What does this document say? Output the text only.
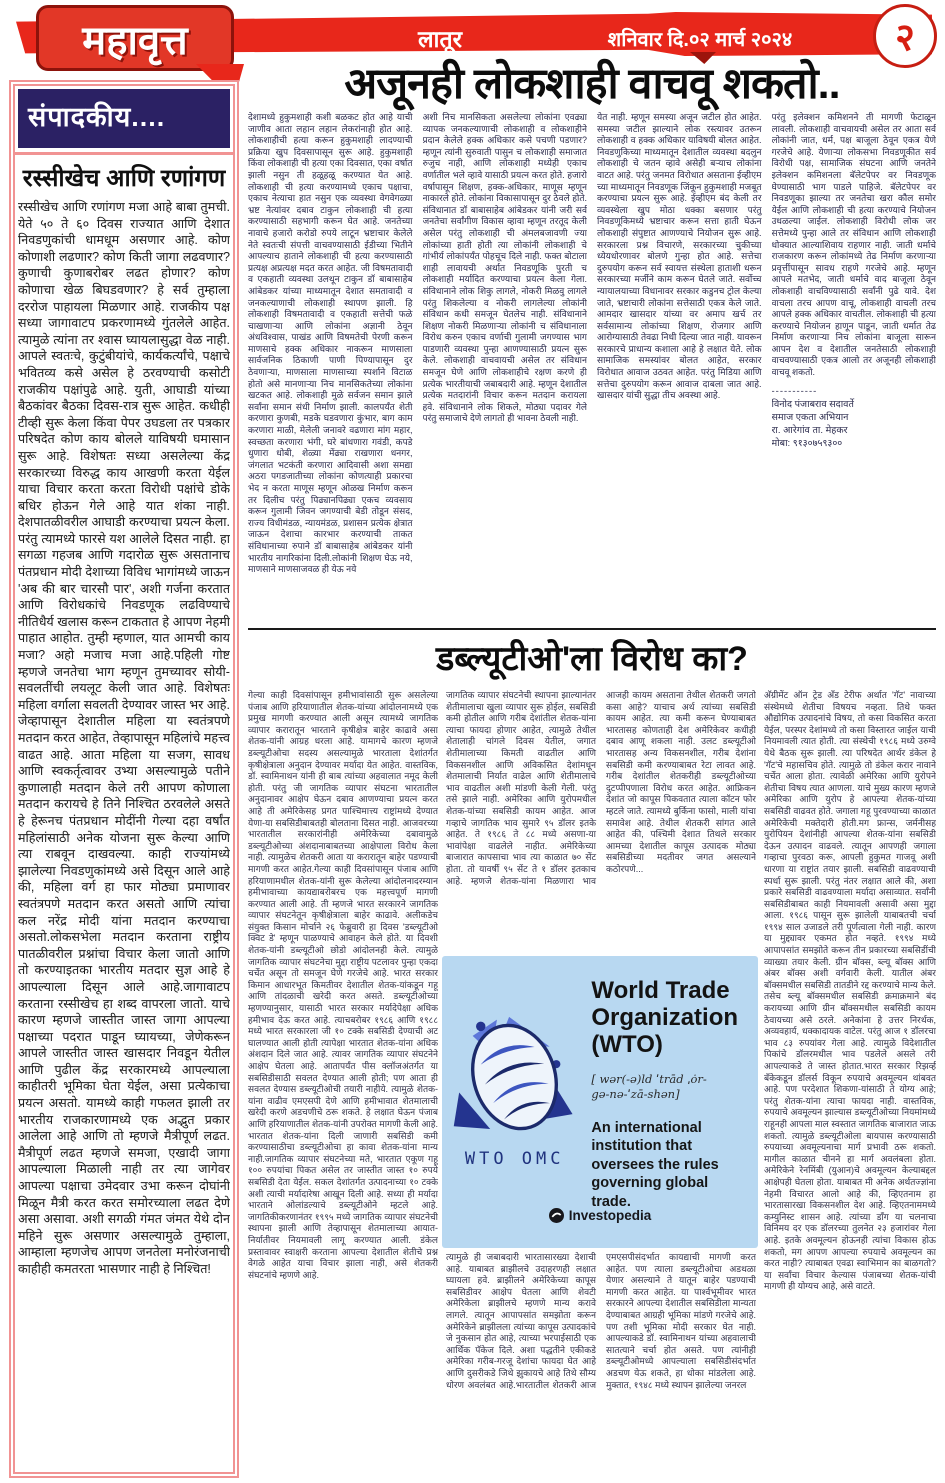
महावृत्त	लातूर	शनिवार दि.०२ मार्च २०२४	२
संपादकीय....
रस्सीखेच आणि रणांगण
रस्सीखेच आणि रणांगण मजा आहे बाबा तुमची. येते ५० ते ६० दिवस राज्यात आणि देशात निवडणुकांची धामधूम असणार आहे. कोण कोणाशी लढणार? कोण किती जागा लढवणार? कुणाची कुणाबरोबर लढत होणार? कोण कोणाचा खेळ बिघडवणार? हे सर्व तुम्हाला दररोज पाहायला मिळणार आहे. राजकीय पक्ष सध्या जागावाटप प्रकरणामध्ये गुंतलेले आहेत. त्यामुळे त्यांना तर श्वास घ्यायलासुद्धा वेळ नाही. आपले स्वतःचे, कुटुंबीयांचे, कार्यकर्त्यांचे, पक्षाचे भवितव्य कसे असेल हे ठरवण्याची कसोटी राजकीय पक्षांपुढे आहे. युती, आघाडी यांच्या बैठकांवर बैठका दिवस-रात्र सुरू आहेत. कधीही टीव्ही सुरू केला किंवा पेपर उघडला तर पत्रकार परिषदेत कोण काय बोलले याविषयी घमासान सुरू आहे. विशेषतः सध्या असलेल्या केंद्र सरकारच्या विरुद्ध काय आखणी करता येईल याचा विचार करता करता विरोधी पक्षांचे डोके बधिर होऊन गेले आहे यात शंका नाही. देशपातळीवरील आघाडी करण्याचा प्रयत्न केला. परंतु त्यामध्ये फारसे यश आलेले दिसत नाही. हा सगळा गहजब आणि गदारोळ सुरू असतानाच पंतप्रधान मोदी देशाच्या विविध भागांमध्ये जाऊन 'अब की बार चारसौ पार', अशी गर्जना करतात आणि विरोधकांचे निवडणूक लढविण्याचे नीतिधैर्य खलास करून टाकतात हे आपण नेहमी पाहात आहोत. तुम्ही म्हणाल, यात आमची काय मजा? अहो मजाच मजा आहे.पहिली गोष्ट म्हणजे जनतेचा भाग म्हणून तुमच्यावर सोयी-सवलतींची लयलूट केली जात आहे. विशेषतः महिला वर्गाला सवलती देण्यावर जास्त भर आहे. जेव्हापासून देशातील महिला या स्वतंत्रपणे मतदान करत आहेत, तेव्हापासून महिलांचे महत्त्व वाढत आहे. आता महिला या सजग, सावध आणि स्वकर्तृत्वावर उभ्या असल्यामुळे पतीने कुणालाही मतदान केले तरी आपण कोणाला मतदान करायचे हे तिने निश्चित ठरवलेले असते हे हेरूनच पंतप्रधान मोदींनी गेल्या दहा वर्षांत महिलांसाठी अनेक योजना सुरू केल्या आणि त्या राबवून दाखवल्या. काही राज्यांमध्ये झालेल्या निवडणुकांमध्ये असे दिसून आले आहे की, महिला वर्ग हा फार मोठ्या प्रमाणावर स्वतंत्रपणे मतदान करत असतो आणि त्यांचा कल नरेंद्र मोदी यांना मतदान करण्याचा असतो.लोकसभेला मतदान करताना राष्ट्रीय पातळीवरील प्रश्नांचा विचार केला जातो आणि तो करण्याइतका भारतीय मतदार सुज्ञ आहे हे आपल्याला दिसून आले आहे.जागावाटप करताना रस्सीखेच हा शब्द वापरला जातो. याचे कारण म्हणजे जास्तीत जास्त जागा आपल्या पक्षाच्या पदरात पाडून घ्यायच्या, जेणेकरून आपले जास्तीत जास्त खासदार निवडून येतील आणि पुढील केंद्र सरकारमध्ये आपल्याला काहीतरी भूमिका घेता येईल, असा प्रत्येकाचा प्रयत्न असतो. यामध्ये काही गफलत झाली तर भारतीय राजकारणामध्ये एक अद्भुत प्रकार आलेला आहे आणि तो म्हणजे मैत्रीपूर्ण लढत. मैत्रीपूर्ण लढत म्हणजे समजा, एखादी जागा आपल्याला मिळाली नाही तर त्या जागेवर आपल्या पक्षाचा उमेदवार उभा करून दोघांनी मिळून मैत्री करत करत समोरच्याला लढत देणे असा असावा. अशी सगळी गंमत जंमत येथे दोन महिने सुरू असणार असल्यामुळे तुम्हाला, आम्हाला म्हणजेच आपण जनतेला मनोरंजनाची काहीही कमतरता भासणार नाही हे निश्चित!
अजूनही लोकशाही वाचवू शकतो..
देशामध्ये हुकुमशाही कशी बळकट होत आहे याची जाणीव आता लहान लहान लेकरांनाही होत आहे. लोकशाहीची हत्या करून हुकुमशाही लादण्याची प्रक्रिया खुप दिवसापासून सुरू आहे. हुकुमशाही किंवा लोकशाही ची हत्या एका दिवसात, एका वर्षात झाली नसुन ती हळूहळू करण्यात येत आहे. लोकशाही ची हत्या करण्यामध्ये एकाच पक्षाचा, एकाच नेत्याचा हात नसुन एक व्यवस्था वेगवेगळ्या भ्रष्ट नेत्यांवर दबाव टाकुन लोकशाही ची हत्या करण्यासाठी सहभागी करून घेत आहे. जनतेच्या नावाचे हजारो करोडो रुपये लाटून भ्रष्टाचार केलेले नेते स्वतःची संपत्ती वाचवण्यासाठी ईडीच्या भितीने आपल्याच हाताने लोकशाही ची हत्या करण्यासाठी प्रत्यक्ष अप्रत्यक्ष मदत करत आहेत. जी विषमतावादी व एकहाती व्यवस्था उलथून टाकुन डॉ बाबासाहेब आंबेडकर यांच्या माध्यमातून देशात समतावादी व जनकल्याणाची लोकशाही स्थापण झाली. हि लोकशाही विषमतावादी व एकहाती सत्तेची फळे चाखणाऱ्या आणि लोकांना अज्ञानी ठेवून अंधविश्वास, पाखंड आणि विषमतेची पेरणी करून माणसाचे हक्क अधिकार नाकरून माणसाला सार्वजनिक ठिकाणी पाणी पिण्यापासून दुर ठेवणाऱ्या, माणसाला माणसाच्या स्पर्शाने विटाळ होतो असे मानणाऱ्या निच मानसिकतेच्या लोकांना खटकत आहे. लोकशाही मुळे सर्वजन समान झाले सर्वांना समान संधी निर्माण झाली. कालपर्यंत शेती करणारा कुणबी, मडके घडवणारा कुंभार, बाग काम करणारा माळी, मेलेली जनावरे वढणारा मांग महार, स्वच्छता करणारा भंगी, घरे बांधणारा गवंडी, कपडे धुणारा धोबी, शेळ्या मेंढ्या राखणारा धनगर, जंगलात भटकंती करणारा आदिवासी अशा समद्या अठरा पगडजातीच्या लोकांना कोणत्याही प्रकारचा भेद न करता माणूस म्हणून ओळख निर्माण करून तर दिलीच परंतु पिढ्यानपिढ्या एकच व्यवसाय करून गुलामी जिवन जगण्याची बेडी तोडून संसद, राज्य विधीमंडळ, न्यायमंडळ, प्रशासन प्रत्येक क्षेत्रात जाऊन देशाचा कारभार करण्याची ताकत संविधानाच्या रुपाने डॉ बाबासाहेब आंबेडकर यांनी भारतीय नागरिकांना दिली.लोकांनी शिक्षण घेऊ नये, माणसाने माणसाजवळ ही येऊ नये
अशी निच मानसिकता असलेल्या लोकांना एवढ्या व्यापक जनकल्याणाची लोकशाही व लोकशाहीने प्रदान केलेले हक्क अधिकार कसे पचणी पडणार? म्हणून त्यांनी सुरुवाती पासुन च लोकशाही समाजात रुजुच नाही, आणि लोकशाही मध्येही एकाच वर्णातील भले व्हावे यासाठी प्रयत्न करत होते. हजारो वर्षापासून शिक्षण, हक्क-अधिकार, माणूस म्हणून नाकारले होते. लोकांना विकासापासून दुर ठेवले होते. संविधानात डॉ बाबासाहेब आंबेडकर यांनी जरी सर्व जनतेचा सर्वांगीण विकास व्हावा म्हणून तरतूद केली असेल परंतु लोकशाही ची अंमलबजावणी ज्या लोकांच्या हाती होती त्या लोकांनी लोकशाही चे गांभीर्य लोकांपर्यंत पोहचूच दिले नाही. फक्त बोटाला शाही लावायची अर्थात निवडणूकि पुरती च लोकशाही मर्यादित करण्याचा प्रयत्न केला गेला. संविधानाने लोक शिकु लागले, नोकरी मिळवु लागले परंतु शिकलेल्या व नोकरी लागलेल्या लोकांनी संविधान कधी समजून घेतलेच नाही. संविधानाने शिक्षण नोकरी मिळणाऱ्या लोकांनी च संविधानाला विरोध करुन एकाच वर्णाची गुलामी जगण्यास भाग पाडणारी व्यवस्था पुन्हा आणण्यासाठी प्रयत्न सुरू केले. लोकशाही वाचवायची असेल तर संविधान समजून घेणे आणि लोकशाहीचे रक्षण करणे ही प्रत्येक भारतीयाची जबाबदारी आहे. म्हणून देशातील प्रत्येक मतदारांनी विचार करून मतदान करायला हवे. संविधानाने लोक शिकले, मोठ्या पदावर गेले परंतु समाजाचे देणे लागतो ही भावना ठेवली नाही.
येत नाही. म्हणून समस्या अजून जटील होत आहेत. समस्या जटील झाल्याने लोक रस्त्यावर उतरून लोकशाही व हक्क अधिकार याविषयी बोलत आहेत. निवडणुकिच्या माध्यमातून देशातील व्यवस्था बदलुन लोकशाही चे जतन व्हावे असेही बऱ्याच लोकांना वाटत आहे. परंतु जनमत विरोधात असताना ईव्हीएम च्या माध्यमातून निवडणूक जिंकून हुकुमशाही मजबूत करण्याचा प्रयत्न सुरू आहे. ईव्हीएम बंद केली तर व्यवस्थेला खुप मोठा धक्का बसणार परंतु निवडणूकिमध्ये भ्रष्टाचार करून सत्ता हाती घेऊन लोकशाही संपुष्टात आणण्याचे नियोजन सुरू आहे. सरकारला प्रश्न विचारणे, सरकारच्या चुकीच्या ध्येयधोरणावर बोलणे गुन्हा होत आहे. सत्तेचा दुरुपयोग करून सर्व स्वायत्त संस्थेला हाताशी धरून सरकारच्या मर्जीने काम करून घेतले जाते. सर्वोच्च न्यायालयाच्या विधानावर सरकार कडुनच ट्रोल केल्या जाते, भ्रष्टाचारी लोकांना सत्तेसाठी एकत्र केले जाते. आमदार खासदार यांच्या वर अमाप खर्च तर सर्वसामान्य लोकांच्या शिक्षण, रोजगार आणि आरोग्यासाठी तेवढा निधी दिल्या जात नाही. यावरून सरकारचे प्राधान्य कशाला आहे हे लक्षात येते. लोक सामाजिक समस्यांवर बोलत आहेत, सरकार विरोधात आवाज उठवत आहेत. परंतु मिडिया आणि सत्तेचा दुरुपयोग करून आवाज दाबला जात आहे. खासदार यांची सुद्धा तीच अवस्था आहे.
परंतु इलेक्शन कमिशनने ती मागणी फेटाळून लावली. लोकशाही वाचवायची असेल तर आता सर्व लोकांनी जात, धर्म, पक्ष बाजूला ठेवून एकत्र येणे गरजेचे आहे. येणाऱ्या लोकसभा निवडणूकीत सर्व विरोधी पक्ष, सामाजिक संघटना आणि जनतेने इलेक्शन कमिशनला बॅलेटपेपर वर निवडणूक घेण्यासाठी भाग पाडले पाहिजे. बॅलेटपेपर वर निवडणूका झाल्या तर जनतेचा खरा कौल समोर येईल आणि लोकशाही ची हत्या करण्याचे नियोजन उधळल्या जाईल. लोकशाही विरोधी लोक जर सत्तेमध्ये पुन्हा आले तर संविधान आणि लोकशाही धोक्यात आल्याशिवाय राहणार नाही. जाती धर्माचे राजकारण करून लोकांमध्ये तेढ निर्माण करणाऱ्या प्रवृत्तींपासून सावध राहणे गरजेचे आहे. म्हणून आपले मतभेद, जाती धर्माचे वाद बाजूला ठेवून लोकशाही वाचविण्यासाठी सर्वांनी पुढे यावे. देश वाचला तरच आपण वाचू, लोकशाही वाचली तरच आपले हक्क अधिकार वाचतील. लोकशाही ची हत्या करण्याचे नियोजन हाणून पाडून, जाती धर्मात तेढ निर्माण करणाऱ्या निच लोकांना बाजूला सारून आपन देश व देशातील जनतेसाठी लोकशाही वाचवण्यासाठी एकत्र आलो तर अजूनही लोकशाही वाचवू शकतो.
-----------
विनोद पंजाबराव सदावर्ते
समाज एकता अभियान
रा. आरेगांव ता. मेहकर
मोबा: ९१३०७५९३००
डब्ल्यूटीओ'ला विरोध का?
गेल्या काही दिवसांपासून हमीभावांसाठी सुरू असलेल्या पंजाब आणि हरियाणातील शेतक-यांच्या आंदोलनामध्ये एक प्रमुख मागणी करण्यात आली असून त्यामध्ये जागतिक व्यापार करारातून भारताने कृषीक्षेत्र बाहेर काढावे असा शेतक-यांनी आग्रह धरला आहे. यामागचे कारण म्हणजे डब्ल्यूटीओचा सदस्य असल्यामुळे भारताला देशांतर्गत कृषीक्षेत्राला अनुदान देण्यावर मर्यादा येत आहेत. वास्तविक, डॉ. स्वामिनाथन यांनी ही बाब त्यांच्या अहवालात नमूद केली होती. परंतु जी जागतिक व्यापार संघटना भारतातील अनुदानावर आक्षेप घेऊन दबाव आणण्याचा प्रयत्न करत आहे ती अमेरिकेसह प्रगत पाश्चिमात्त्य राष्ट्रांमध्ये देण्यात येणा-या सबसिडीबाबतही बोलताना दिसत नाही. आजवरच्या भारतातील सरकारांनीही अमेरिकेच्या दबावामुळे डब्ल्यूटीओच्या अंशदानाबाबतच्या आक्षेपाला विरोध केला नाही. त्यामुळेच शेतकरी आता या करारातून बाहेर पडण्याची मागणी करत आहेत.गेल्या काही दिवसांपासून पंजाब आणि हरियाणामधील शेतक-यांनी सुरू केलेल्या आंदोलनादरम्यान हमीभावाच्या कायद्याबरोबरच एक महत्त्वपूर्ण मागणी करण्यात आली आहे. ती म्हणजे भारत सरकारने जागतिक व्यापार संघटनेतून कृषीक्षेत्राला बाहेर काढावे. अलीकडेच संयुक्त किसान मोर्चाने २६ फेब्रुवारी हा दिवस 'डब्ल्यूटीओ क्विट डे' म्हणून पाळण्याचे आवाहन केले होते. या दिवशी शेतक-यांनी डब्ल्यूटीओ छोडो आंदोलनही केले. त्यामुळे जागतिक व्यापार संघटनेचा मुद्दा राष्ट्रीय पटलावर पुन्हा एकदा चर्चेत असून तो समजून घेणे गरजेचे आहे. भारत सरकार किमान आधारभूत किमतीवर देशातील शेतक-यांकडून गहू आणि तांदळाची खरेदी करत असते. डब्ल्यूटीओच्या म्हणण्यानुसार, यासाठी भारत सरकार मर्यादेपेक्षा अधिक हमीभाव देऊ करत आहे. त्याचबरोबर १९८६ आणि १९८८ मध्ये भारत सरकारला जी १० टक्के सबसिडी देण्याची अट घालण्यात आली होती त्यापेक्षा भारतात शेतक-यांना अधिक अंशदान दिले जात आहे. त्यावर जागतिक व्यापार संघटनेने आक्षेप घेतला आहे. आतापर्यंत पीस क्लॉजअंतर्गत या सबसिडीसाठी सवलत देण्यात आली होती; पण आता ही सवलत देण्यास डब्ल्यूटीओची तयारी नाहीये. त्यामुळे शेतक-यांना वाढीव एमएसपी देणे आणि हमीभावात शेतमालाची खरेदी करणे अडचणीचे ठरू शकते. हे लक्षात घेऊन पंजाब आणि हरियाणातील शेतक-यांनी उपरोक्त मागणी केली आहे. भारतात शेतक-यांना दिली जाणारी सबसिडी कमी करण्यासाठीचा डब्ल्यूटीओचा हा कावा शेतक-यांना मान्य नाही.जागतिक व्यापार संघटनेच्या मते, भारतात एकूण गहू १०० रुपयांचा पिकत असेल तर जास्तीत जास्त १० रुपये सबसिडी देता येईल. सकल देशांतर्गत उत्पादनाच्या १० टक्के अशी त्याची मर्यादारेषा आखून दिली आहे. सध्या ही मर्यादा भारताने ओलांडल्याचे डब्ल्यूटीओने म्हटले आहे. जागतिकीकरणानंतर १९९५ मध्ये जागतिक व्यापार संघटनेची स्थापना झाली आणि तेव्हापासून शेतमालाच्या आयात-निर्यातीवर नियमावली लागू करण्यात आली. डंकेल प्रस्तावावर स्वाक्षरी करताना आपल्या देशातील शेतीचे प्रश्न वेगळे आहेत याचा विचार झाला नाही, असे शेतकरी संघटनांचे म्हणणे आहे.
जागतिक व्यापार संघटनेची स्थापना झाल्यानंतर शेतीमालाचा खुला व्यापार सुरू होईल, सबसिडी कमी होतील आणि गरीब देशांतील शेतक-यांना त्याचा फायदा होणार आहेत, त्यामुळे तेथील शेतालाही चांगले दिवस येतील, जगात शेतीमालाच्या किमती वाढतील आणि विकसनशील आणि अविकसित देशांमधून शेतमालाची निर्यात वाढेल आणि शेतीमालाचे भाव वाढतील अशी मांडणी केली गेली. परंतु तसे झाले नाही. अमेरिका आणि युरोपमधील शेतक-यांच्या सबसिडी कायम आहेत. आज गव्हाचे जागतिक भाव सुमारे ९५ डॉलर इतके आहेत. ते १९८६ ते ८८ मध्ये असणा-या भावांपेक्षा वाढलेले नाहीत. अमेरिकेच्या बाजारात कापसाचा भाव त्या काळात ७० सेंट होता. तो यावर्षी ९५ सेंट ते १ डॉलर इतकाच आहे. म्हणजे शेतक-यांना मिळणारा भाव आजही कायम असताना तेथील शेतकरी जगतो कसा आहे? याचाच अर्थ त्यांच्या सबसिडी कायम आहेत. त्या कमी करून घेण्याबाबत भारतासह कोणताही देश अमेरिकेवर कधीही दबाव आणू शकला नाही. उलट डब्ल्यूटीओ भारतासह अन्य विकसनशील, गरीब देशांना सबसिडी कमी करण्याबाबत रेटा लावत आहे. गरीब देशांतील शेतकरीही डब्ल्यूटीओच्या दुटप्पीपणाला विरोध करत आहेत. आफ्रिकन देशांत जो कापूस पिकवतात त्याला कॉटन फोर म्हटले जाते. त्यामध्ये बुर्किना फासो, माली यांचा समावेश आहे. तेथील शेतकरी सांगत आले आहेत की, पश्चिमी देशात तिथले सरकार आमच्या देशातील कापूस उत्पादक मोठ्या सबसिडीच्या मदतीवर जगत असल्याने कठोरपणे...
WTO OMC
World Trade Organization (WTO)
[ wər(-ə)ld ˈtrād ˌȯr-gə-nə-ˈzā-shən]
An international institution that oversees the rules governing global trade.
Investopedia
त्यामुळे ही जबाबदारी भारतासारख्या देशाची आहे. याबाबत ब्राझीलचे उदाहरणही लक्षात घ्यायला हवे. ब्राझीलने अमेरिकेच्या कापूस सबसिडीवर आक्षेप घेतला आणि शेवटी अमेरिकेला ब्राझीलचे म्हणणे मान्य करावे लागले. त्यातून आपापसांत समझोता करून अमेरिकेने ब्राझीलला त्यांच्या कापूस उत्पादकांचे जे नुकसान होत आहे, त्याच्या भरपाईसाठी एक आर्थिक पॅकेज दिले. अशा पद्धतीने एकीकडे अमेरिका गरीब-गरजू देशांचा फायदा घेत आहे आणि दुसरीकडे जिथे झुकायचे आहे तिथे सौम्य धोरण अवलंबत आहे.भारतातील शेतकरी आज एमएसपीसंदर्भात कायद्याची मागणी करत आहेत. पण त्याला डब्ल्यूटीओचा अडथळा येणार असल्याने ते यातून बाहेर पडण्याची मागणी करत आहेत. या पार्श्वभूमीवर भारत सरकारने आपल्या देशातील सबसिडीला मान्यता देण्याबाबत आग्रही भूमिका मांडणे गरजेचे आहे. पण तशी भूमिका मोदी सरकार घेत नाही. आपल्याकडे डॉ. स्वामिनाथन यांच्या अहवालाची सातत्याने चर्चा होत असते. पण त्यांनीही डब्ल्यूटीओमध्ये आपल्याला सबसिडीसंदर्भात अडचण येऊ शकते, हा धोका मांडलेला आहे. मुक्तात, १९४८ मध्ये स्थापन झालेल्या जनरल
अ‍ॅग्रीमेंट ऑन ट्रेड अँड टेरीफ अर्थात 'गॅट' नावाच्या संस्थेमध्ये शेतीचा विषयच नव्हता. तिथे फक्त औद्योगिक उत्पादनांचे विषय, तो कसा विकसित करता येईल, परस्पर देशांमध्ये तो कसा विस्तारत जाईल याची नियमावली त्यात होती. त्या संस्थेची १९८६ मध्ये उरुग्वे येथे बैठक सुरू झाली. त्या परिषदेत आर्थर डंकेल हे 'गॅट'चे महासचिव होते. त्यामुळे तो डंकेल करार नावाने चर्चेत आला होता. त्यावेळी अमेरिका आणि युरोपने शेतीचा विषय त्यात आणला. याचे मुख्य कारण म्हणजे अमेरिका आणि युरोप हे आपल्या शेतक-यांच्या सबसिडी वाढवत होते. जगाला गहू पुरवण्याच्या काळात अमेरिकेची मक्तेदारी होती.मग फ्रान्स, जर्मनीसह युरोपियन देशांनीही आपल्या शेतक-यांना सबसिडी देऊन उत्पादन वाढवले. त्यातून आपणही जगाला गव्हाचा पुरवठा करू, आपली हुकुमत गाजवू अशी धारणा या राष्ट्रांत तयार झाली. सबसिडी वाढवण्याची स्पर्धा सुरू झाली. परंतु नंतर लक्षात आले की, अशा प्रकारे सबसिडी वाढवण्याला मर्यादा असाव्यात. सर्वांनी सबसिडीबाबत काही नियमावली असावी असा मुद्दा आला. १९८६ पासून सुरू झालेली याबाबतची चर्चा १९९४ साल उजाडले तरी पूर्णत्वाला गेली नाही. कारण या मुद्द्यावर एकमत होत नव्हते. १९९४ मध्ये आपापसांत समझोते करून तीन प्रकारच्या सबसिडींची व्याख्या तयार केली. ग्रीन बॉक्स, ब्ल्यू बॉक्स आणि अंबर बॉक्स अशी वर्गवारी केली. यातील अंबर बॉक्समधील सबसिडी तातडीने रद्द करण्याचे मान्य केले. तसेच ब्ल्यू बॉक्समधील सबसिडी क्रमाक्रमाने बंद करायच्या आणि ग्रीन बॉक्समधील सबसिडी कायम ठेवायच्या असे ठरले. अनेकांना हे उत्तर निरर्थक, अव्यवहार्य, धक्कादायक वाटेल. परंतु आज १ डॉलरचा भाव ८३ रुपयांवर गेला आहे. त्यामुळे विदेशातील पिकांचे डॉलरमधील भाव पडलेले असले तरी आपल्याकडे ते जास्त होतात.भारत सरकार रिझर्व्ह बँकेकडून डॉलर्स विकून रुपयाचे अवमूल्यन थांबवत आहे. पण परदेशात शिकणा-यांसाठी ते योग्य आहे; परंतु शेतक-यांना त्याचा फायदा नाही. वास्तविक, रुपयाचे अवमूल्यन झाल्यास डब्ल्यूटीओच्या नियमांमध्ये राहूनही आपला माल स्वस्तात जागतिक बाजारात जाऊ शकतो. त्यामुळे डब्ल्यूटीओला बायपास करण्यासाठी रुपयाच्या अवमूल्यनाचा मार्ग प्रभावी ठरू शकतो. मागील काळात चीनने हा मार्ग अवलंबला होता. अमेरिकेने रेनमिंबी (युआन)चे अवमूल्यन केल्याबद्दल आक्षेपही घेतला होता. याबाबत मी अनेक अर्थतज्ज्ञांना नेहमी विचारत आलो आहे की, व्हिएतनाम हा भारतासारखा विकसनशील देश आहे. व्हिएतनाममध्ये कम्युनिस्ट शासन आहे. त्यांच्या डाँग या चलनाचा विनिमय दर एक डॉलरच्या तुलनेत २३ हजारांवर गेला आहे. इतके अवमूल्यन होऊनही त्यांचा विकास होऊ शकतो, मग आपण आपल्या रुपयाचे अवमूल्यन का करत नाही? त्याबाबत एवढा स्वाभिमान का बाळगतो? या सर्वांचा विचार केल्यास पंजाबच्या शेतक-यांची मागणी ही योग्यच आहे, असे वाटते.
